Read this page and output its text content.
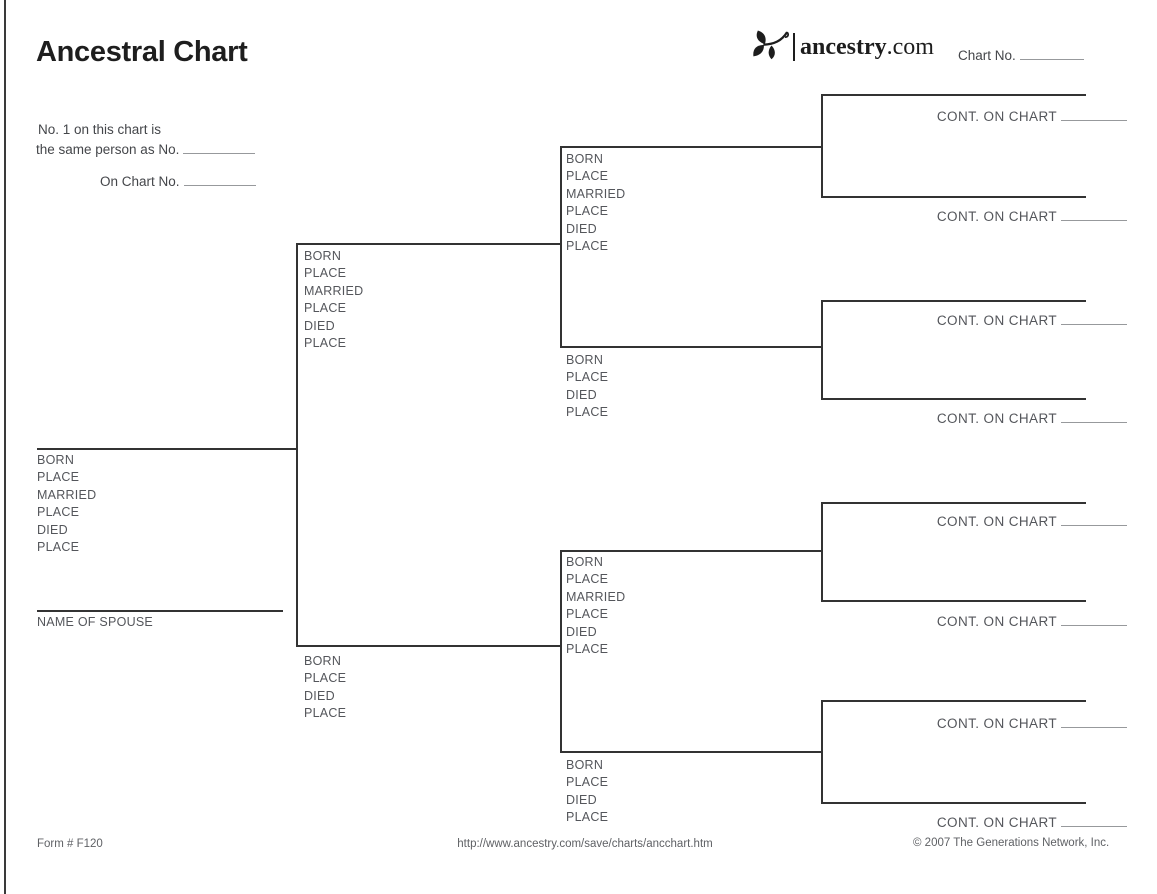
Ancestral Chart	ancestry .com Chart No.
No. 1 on this chart is
the same person as No.
On Chart No.
BORN
PLACE
MARRIED
PLACE
DIED
PLACE
NAME OF SPOUSE
BORN
PLACE
MARRIED
PLACE
DIED
PLACE
BORN
PLACE
DIED
PLACE
BORN
PLACE
MARRIED
PLACE
DIED
PLACE
BORN
PLACE
DIED
PLACE
BORN
PLACE
MARRIED
PLACE
DIED
PLACE
BORN
PLACE
DIED
PLACE
CONT. ON CHART
CONT. ON CHART
CONT. ON CHART
CONT. ON CHART
CONT. ON CHART
CONT. ON CHART
CONT. ON CHART
CONT. ON CHART
Form # F120	http://www.ancestry.com/save/charts/ancchart.htm	© 2007 The Generations Network, Inc.
